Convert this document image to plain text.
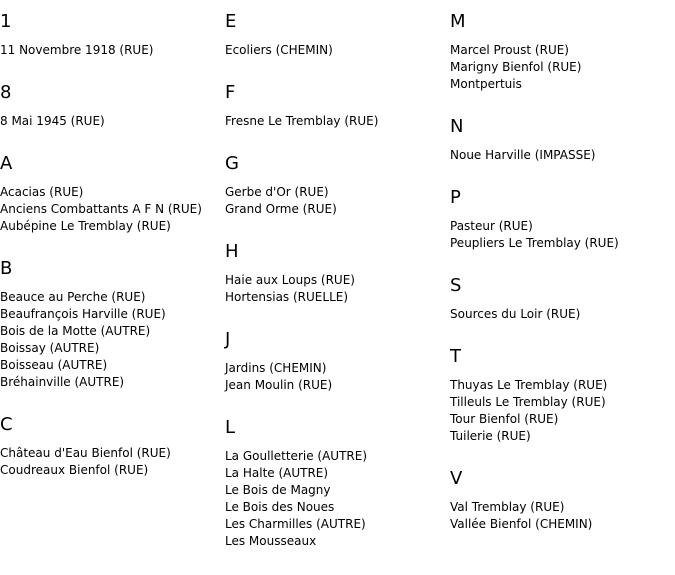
1
11 Novembre 1918 (RUE)
8
8 Mai 1945 (RUE)
A
Acacias (RUE)
Anciens Combattants A F N (RUE)
Aubépine Le Tremblay (RUE)
B
Beauce au Perche (RUE)
Beaufrançois Harville (RUE)
Bois de la Motte (AUTRE)
Boissay (AUTRE)
Boisseau (AUTRE)
Bréhainville (AUTRE)
C
Château d'Eau Bienfol (RUE)
Coudreaux Bienfol (RUE)
E
Ecoliers (CHEMIN)
F
Fresne Le Tremblay (RUE)
G
Gerbe d'Or (RUE)
Grand Orme (RUE)
H
Haie aux Loups (RUE)
Hortensias (RUELLE)
J
Jardins (CHEMIN)
Jean Moulin (RUE)
L
La Goulletterie (AUTRE)
La Halte (AUTRE)
Le Bois de Magny
Le Bois des Noues
Les Charmilles (AUTRE)
Les Mousseaux
M
Marcel Proust (RUE)
Marigny Bienfol (RUE)
Montpertuis
N
Noue Harville (IMPASSE)
P
Pasteur (RUE)
Peupliers Le Tremblay (RUE)
S
Sources du Loir (RUE)
T
Thuyas Le Tremblay (RUE)
Tilleuls Le Tremblay (RUE)
Tour Bienfol (RUE)
Tuilerie (RUE)
V
Val Tremblay (RUE)
Vallée Bienfol (CHEMIN)
